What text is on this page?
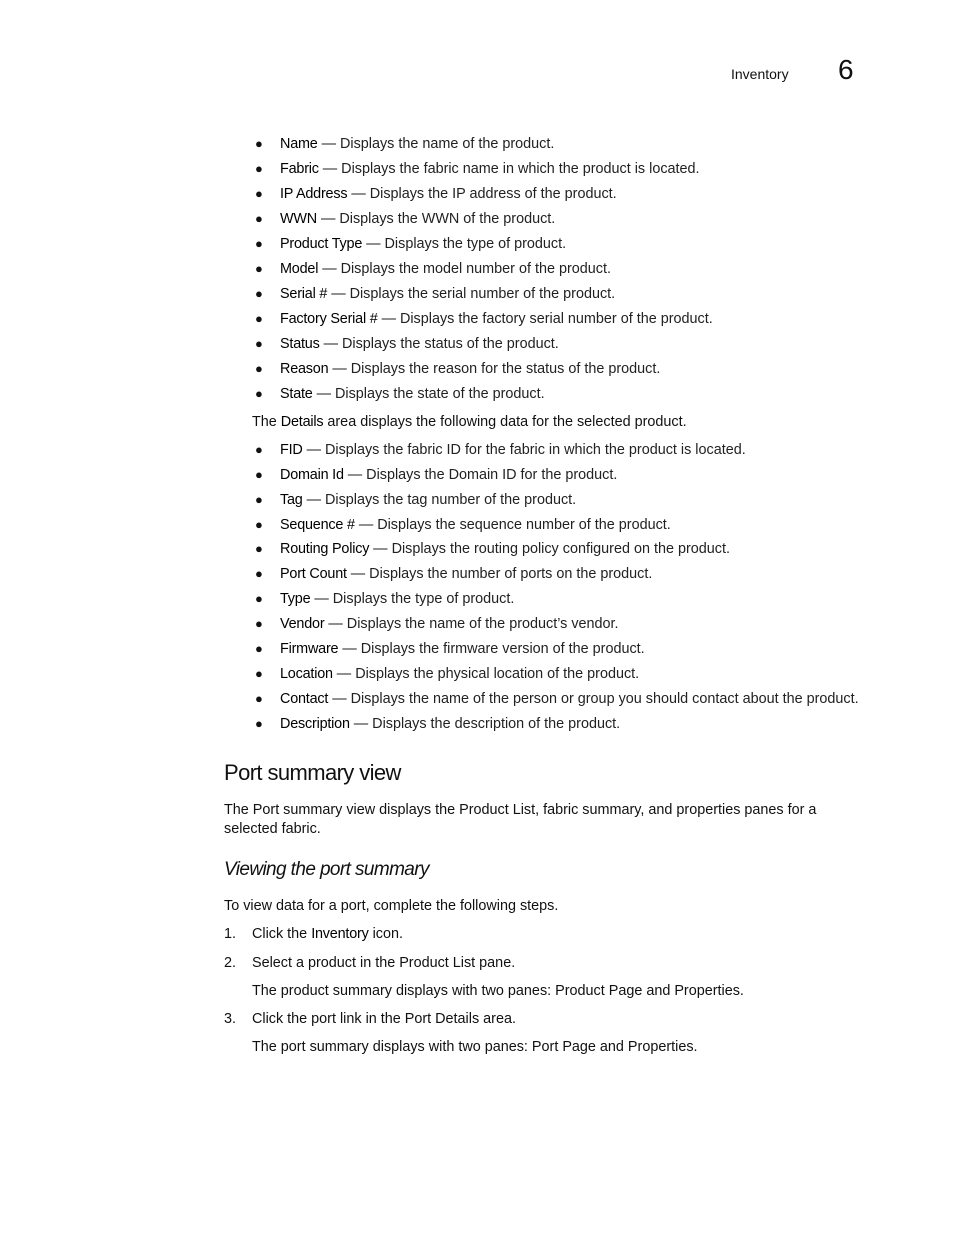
Inventory 6
● Name — Displays the name of the product.
● Fabric — Displays the fabric name in which the product is located.
● IP Address — Displays the IP address of the product.
● WWN — Displays the WWN of the product.
● Product Type — Displays the type of product.
● Model — Displays the model number of the product.
● Serial # — Displays the serial number of the product.
● Factory Serial # — Displays the factory serial number of the product.
● Status — Displays the status of the product.
● Reason — Displays the reason for the status of the product.
● State — Displays the state of the product.
The Details area displays the following data for the selected product.
● FID — Displays the fabric ID for the fabric in which the product is located.
● Domain Id — Displays the Domain ID for the product.
● Tag — Displays the tag number of the product.
● Sequence # — Displays the sequence number of the product.
● Routing Policy — Displays the routing policy configured on the product.
● Port Count — Displays the number of ports on the product.
● Type — Displays the type of product.
● Vendor — Displays the name of the product’s vendor.
● Firmware — Displays the firmware version of the product.
● Location — Displays the physical location of the product.
● Contact — Displays the name of the person or group you should contact about the product.
● Description — Displays the description of the product.
Port summary view
The Port summary view displays the Product List, fabric summary, and properties panes for a
selected fabric.
Viewing the port summary
To view data for a port, complete the following steps.
1. Click the Inventory icon.
2. Select a product in the Product List pane.
The product summary displays with two panes: Product Page and Properties.
3. Click the port link in the Port Details area.
The port summary displays with two panes: Port Page and Properties.
